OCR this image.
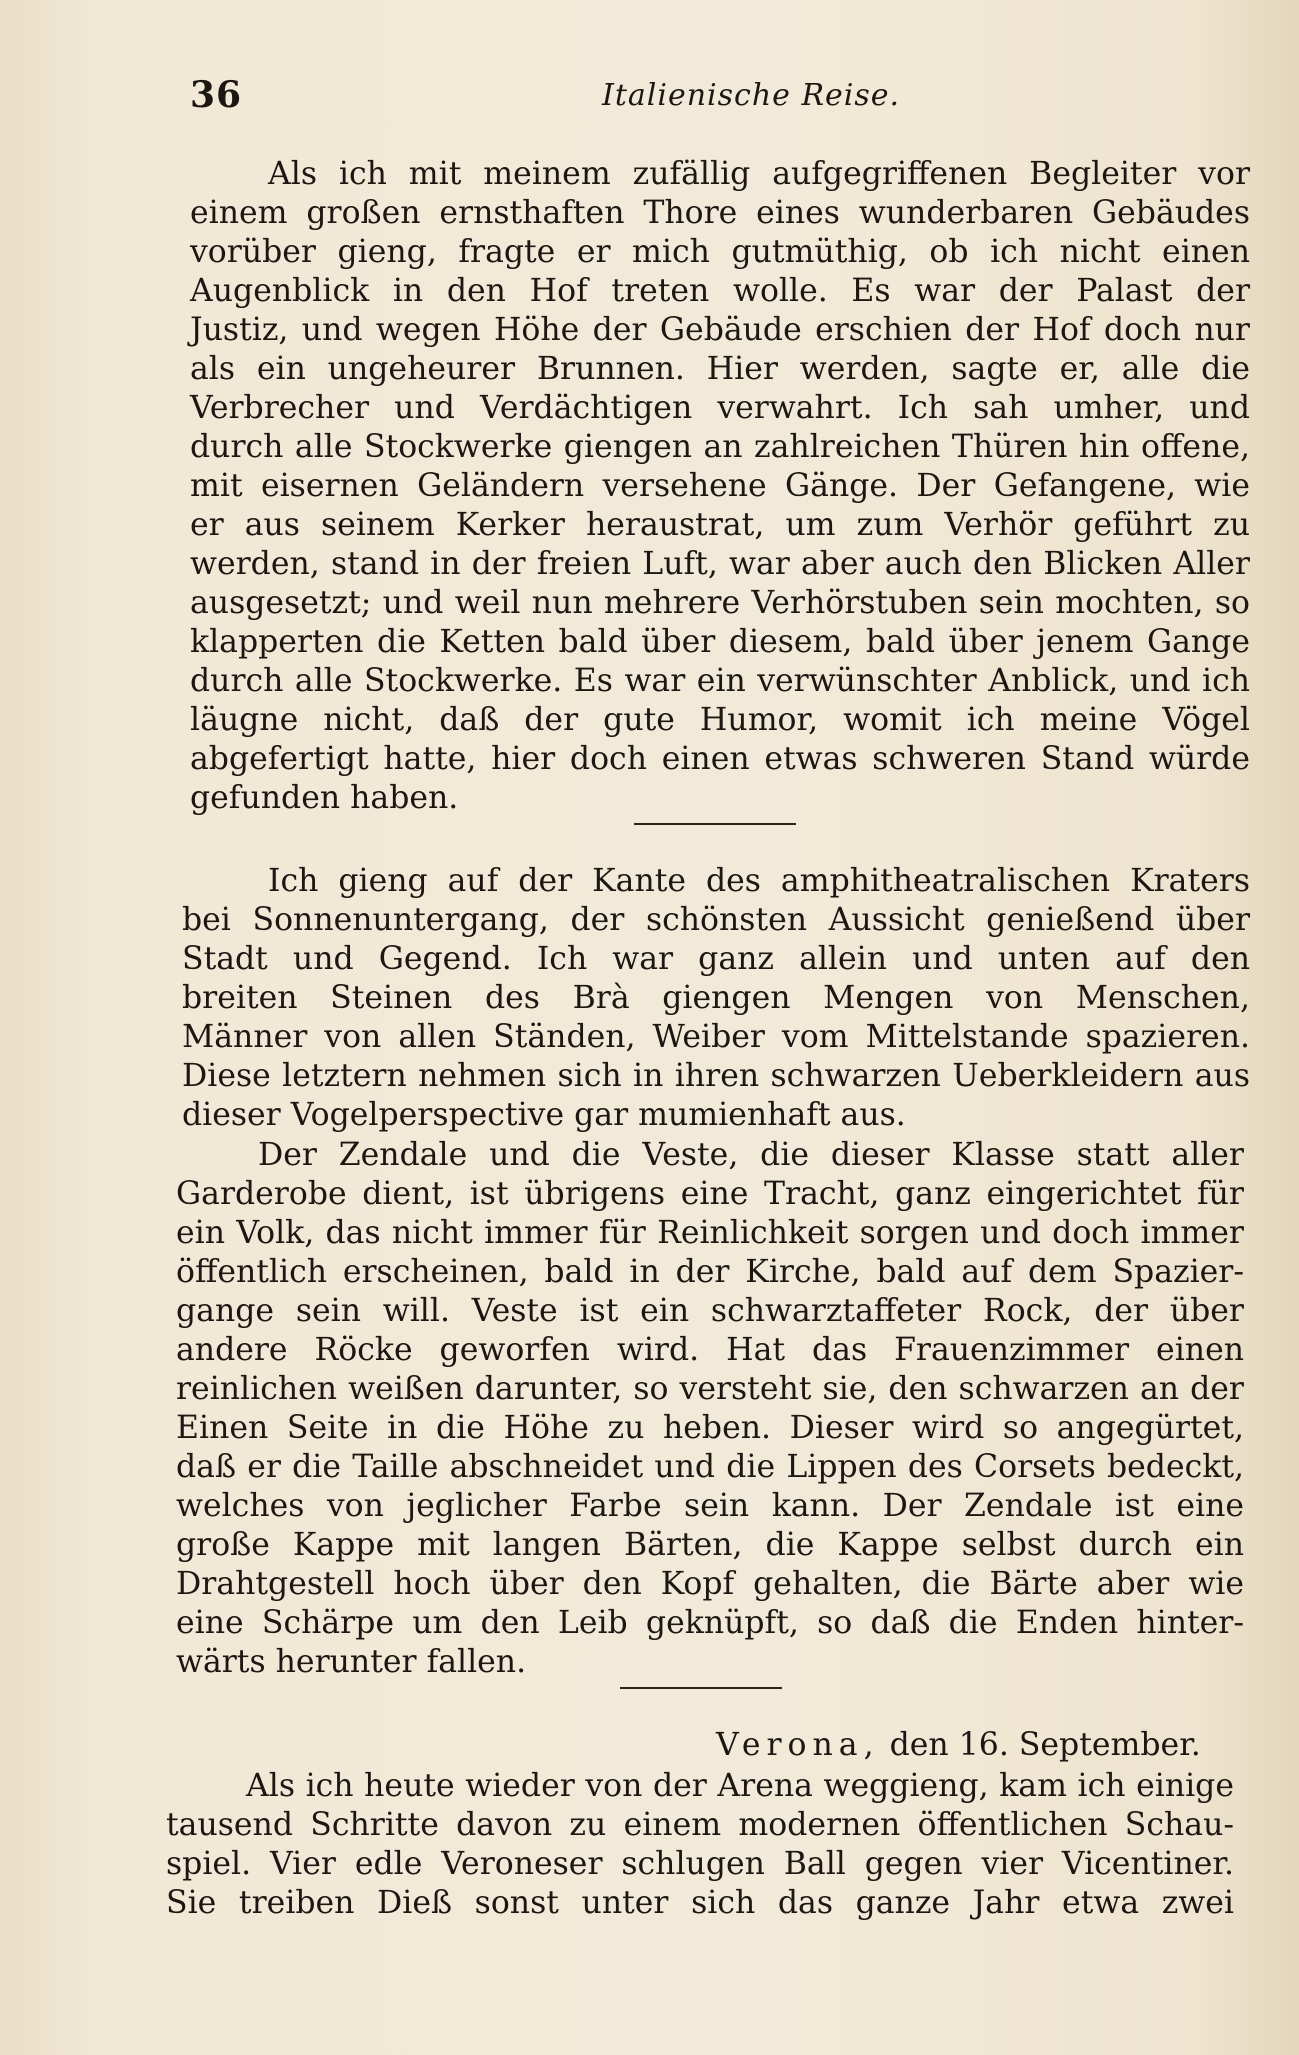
36	Italienische Reise.
Als ich mit meinem zufällig aufgegriffenen Begleiter vor
einem großen ernsthaften Thore eines wunderbaren Gebäudes
vorüber gieng, fragte er mich gutmüthig, ob ich nicht einen
Augenblick in den Hof treten wolle. Es war der Palast der
Justiz, und wegen Höhe der Gebäude erschien der Hof doch nur
als ein ungeheurer Brunnen. Hier werden, sagte er, alle die
Verbrecher und Verdächtigen verwahrt. Ich sah umher, und
durch alle Stockwerke giengen an zahlreichen Thüren hin offene,
mit eisernen Geländern versehene Gänge. Der Gefangene, wie
er aus seinem Kerker heraustrat, um zum Verhör geführt zu
werden, stand in der freien Luft, war aber auch den Blicken Aller
ausgesetzt; und weil nun mehrere Verhörstuben sein mochten, so
klapperten die Ketten bald über diesem, bald über jenem Gange
durch alle Stockwerke. Es war ein verwünschter Anblick, und ich
läugne nicht, daß der gute Humor, womit ich meine Vögel
abgefertigt hatte, hier doch einen etwas schweren Stand würde
gefunden haben.
Ich gieng auf der Kante des amphitheatralischen Kraters
bei Sonnenuntergang, der schönsten Aussicht genießend über
Stadt und Gegend. Ich war ganz allein und unten auf den
breiten Steinen des Brà giengen Mengen von Menschen,
Männer von allen Ständen, Weiber vom Mittelstande spazieren.
Diese letztern nehmen sich in ihren schwarzen Ueberkleidern aus
dieser Vogelperspective gar mumienhaft aus.
Der Zendale und die Veste, die dieser Klasse statt aller
Garderobe dient, ist übrigens eine Tracht, ganz eingerichtet für
ein Volk, das nicht immer für Reinlichkeit sorgen und doch immer
öffentlich erscheinen, bald in der Kirche, bald auf dem Spazier-
gange sein will. Veste ist ein schwarztaffeter Rock, der über
andere Röcke geworfen wird. Hat das Frauenzimmer einen
reinlichen weißen darunter, so versteht sie, den schwarzen an der
Einen Seite in die Höhe zu heben. Dieser wird so angegürtet,
daß er die Taille abschneidet und die Lippen des Corsets bedeckt,
welches von jeglicher Farbe sein kann. Der Zendale ist eine
große Kappe mit langen Bärten, die Kappe selbst durch ein
Drahtgestell hoch über den Kopf gehalten, die Bärte aber wie
eine Schärpe um den Leib geknüpft, so daß die Enden hinter-
wärts herunter fallen.
Verona, den 16. September.
Als ich heute wieder von der Arena weggieng, kam ich einige
tausend Schritte davon zu einem modernen öffentlichen Schau-
spiel. Vier edle Veroneser schlugen Ball gegen vier Vicentiner.
Sie treiben Dieß sonst unter sich das ganze Jahr etwa zwei
